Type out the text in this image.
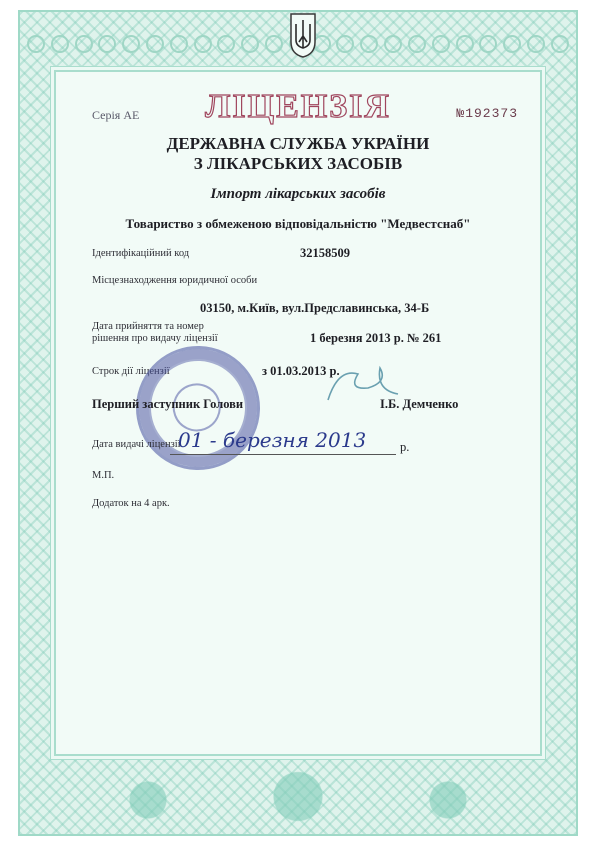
Серія АЕ	ЛІЦЕНЗІЯ	№192373
ДЕРЖАВНА СЛУЖБА УКРАЇНИ
З ЛІКАРСЬКИХ ЗАСОБІВ
Імпорт лікарських засобів
Товариство з обмеженою відповідальністю "Медвестснаб"
Ідентифікаційний код	32158509
Місцезнаходження юридичної особи
03150, м.Київ, вул.Предславинська, 34-Б
Дата прийняття та номер
рішення про видачу ліцензії	1 березня 2013 р. № 261
Строк дії ліцензії	з 01.03.2013 р.
Перший заступник Голови	І.Б. Демченко
Дата видачі ліцензії
01 - березня 2013	р.
М.П.
Додаток на 4 арк.
